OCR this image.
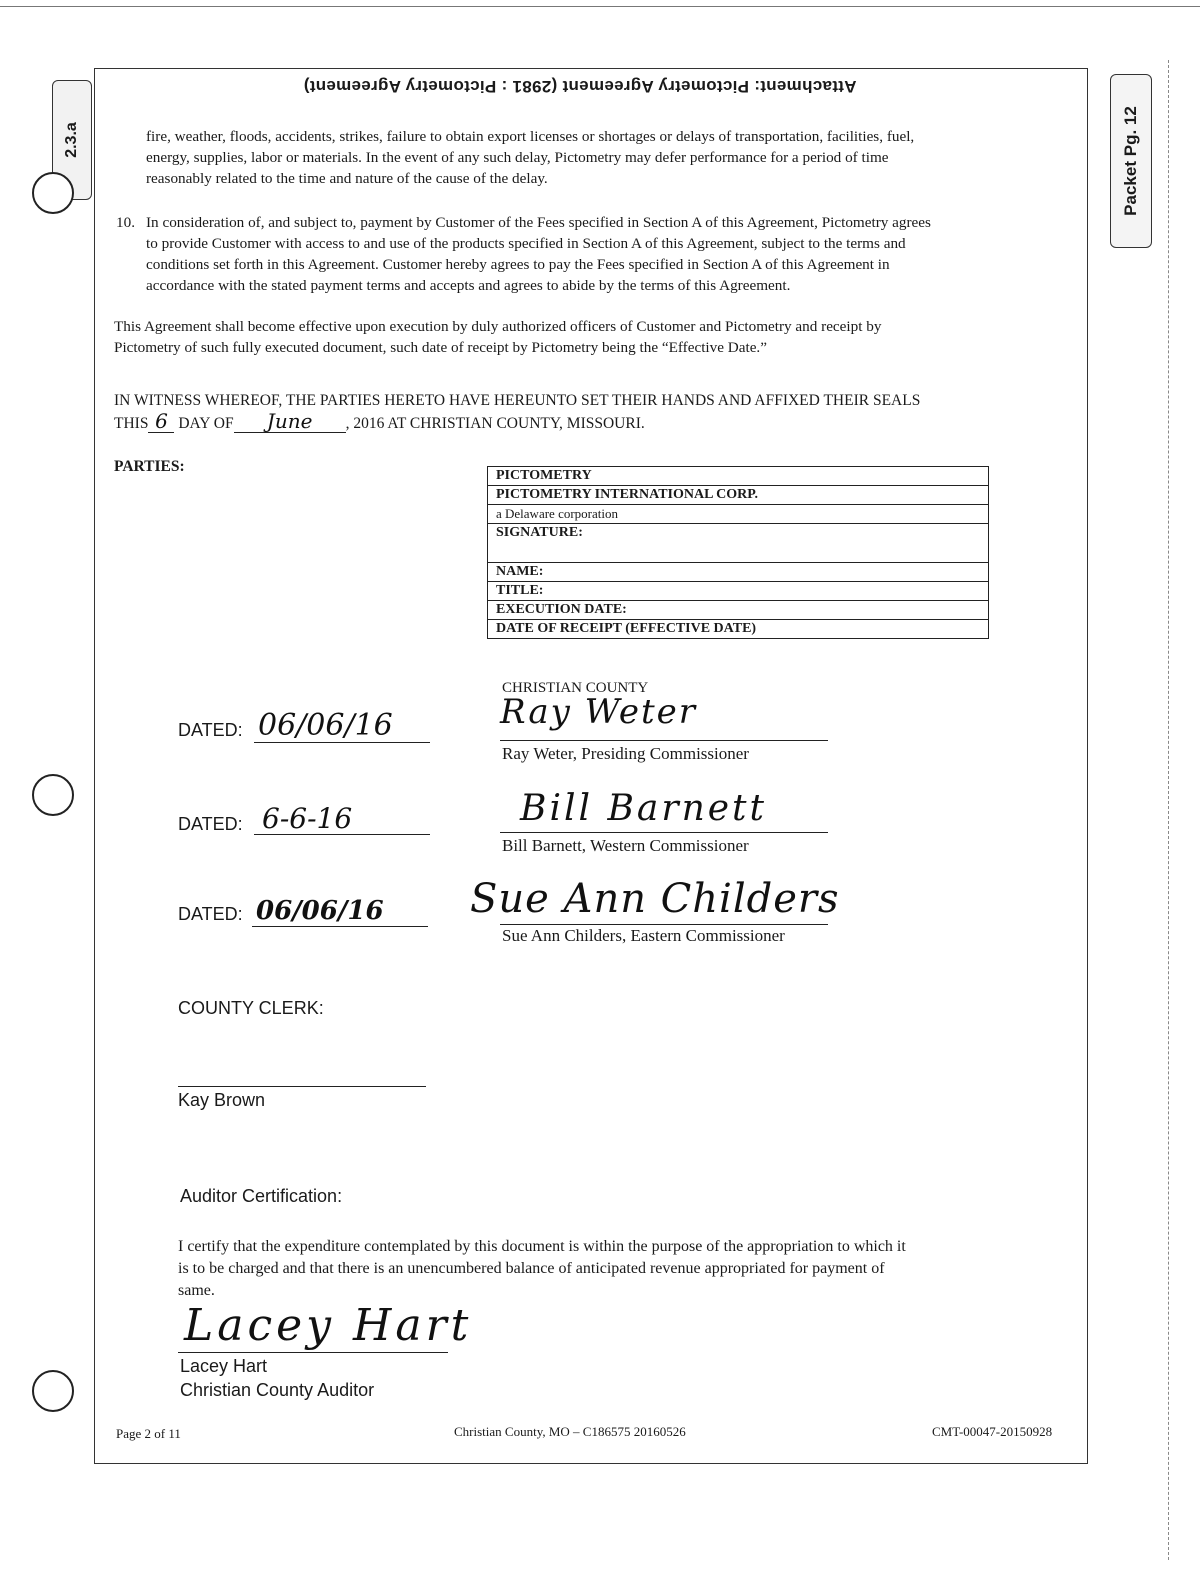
Attachment: Pictometry Agreement (2981 : Pictometry Agreement)
2.3.a	Packet Pg. 12
fire, weather, floods, accidents, strikes, failure to obtain export licenses or shortages or delays of transportation, facilities, fuel,
energy, supplies, labor or materials. In the event of any such delay, Pictometry may defer performance for a period of time
reasonably related to the time and nature of the cause of the delay.
10. In consideration of, and subject to, payment by Customer of the Fees specified in Section A of this Agreement, Pictometry agrees
to provide Customer with access to and use of the products specified in Section A of this Agreement, subject to the terms and
conditions set forth in this Agreement. Customer hereby agrees to pay the Fees specified in Section A of this Agreement in
accordance with the stated payment terms and accepts and agrees to abide by the terms of this Agreement.
This Agreement shall become effective upon execution by duly authorized officers of Customer and Pictometry and receipt by
Pictometry of such fully executed document, such date of receipt by Pictometry being the “Effective Date.”
IN WITNESS WHEREOF, THE PARTIES HERETO HAVE HEREUNTO SET THEIR HANDS AND AFFIXED THEIR SEALS
THIS 6 DAY OF June , 2016 AT CHRISTIAN COUNTY, MISSOURI.
PARTIES:
PICTOMETRY
PICTOMETRY INTERNATIONAL CORP.
a Delaware corporation
SIGNATURE:
NAME:
TITLE:
EXECUTION DATE:
DATE OF RECEIPT (EFFECTIVE DATE)
CHRISTIAN COUNTY
DATED: 06/06/16	Ray Weter
Ray Weter, Presiding Commissioner
DATED: 6-6-16	Bill Barnett
Bill Barnett, Western Commissioner
DATED: 06/06/16 Sue Ann Childers
Sue Ann Childers, Eastern Commissioner
COUNTY CLERK:
Kay Brown
Auditor Certification:
I certify that the expenditure contemplated by this document is within the purpose of the appropriation to which it
is to be charged and that there is an unencumbered balance of anticipated revenue appropriated for payment of
same.
Lacey Hart
Lacey Hart
Christian County Auditor
Page 2 of 11	Christian County, MO – C186575 20160526	CMT-00047-20150928
